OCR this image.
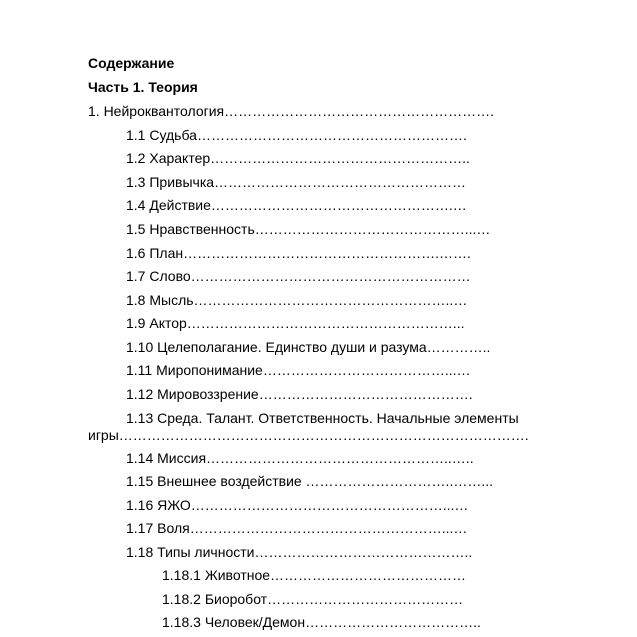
Содержание
Часть 1. Теория
1. Нейроквантология………………………………………………….
1.1 Судьба………………………………………………….
1.2 Характер………………………………………………..
1.3 Привычка………………………………………………
1.4 Действие…………………………………………….…
1.5 Нравственность………………………………………...…
1.6 План……………………………………………….…….
1.7 Слово……………………………………………………
1.8 Мысль………………………………………………..…
1.9 Актор…………………………………………………...
1.10 Целеполагание. Единство души и разума…………..
1.11 Миропонимание…………………………………...…
1.12 Мировоззрение……………………………………….
1.13 Среда. Талант. Ответственность. Начальные элементы
игры…………………………………………………………………………….
1.14 Миссия……………………………………………..…..
1.15 Внешнее воздействие …………………………..……...
1.16 ЯЖО………………………………………………...…
1.17 Воля………………………………………………...…
1.18 Типы личности………………………………………..
1.18.1 Животное……………………………………
1.18.2 Биоробот……………………………………
1.18.3 Человек/Демон………………………………..
